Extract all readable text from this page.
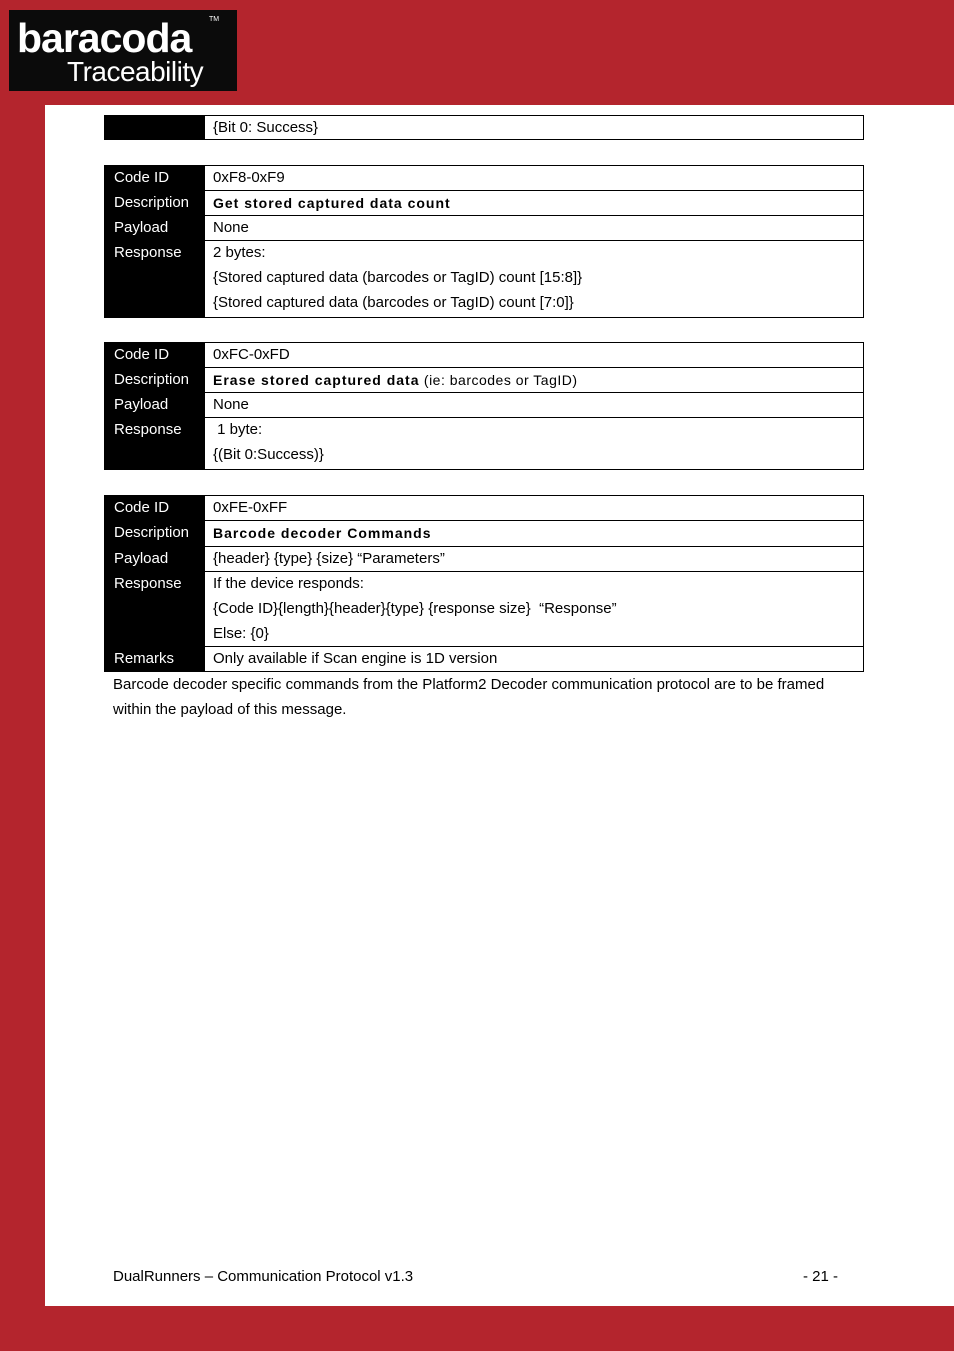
baracoda	TM
Traceability
{Bit 0: Success}
Code ID	0xF8-0xF9
Description	Get stored captured data count
Payload	None
Response	2 bytes:
{Stored captured data (barcodes or TagID) count [15:8]}
{Stored captured data (barcodes or TagID) count [7:0]}
Code ID	0xFC-0xFD
Description	Erase stored captured data (ie: barcodes or TagID)
Payload	None
Response	1 byte:
{(Bit 0:Success)}
Code ID	0xFE-0xFF
Description	Barcode decoder Commands
Payload	{header} {type} {size} “Parameters”
Response	If the device responds:
{Code ID}{length}{header}{type} {response size}  “Response”
Else: {0}
Remarks	Only available if Scan engine is 1D version
Barcode decoder specific commands from the Platform2 Decoder communication protocol are to be framed within the payload of this message.
DualRunners – Communication Protocol v1.3	- 21 -
